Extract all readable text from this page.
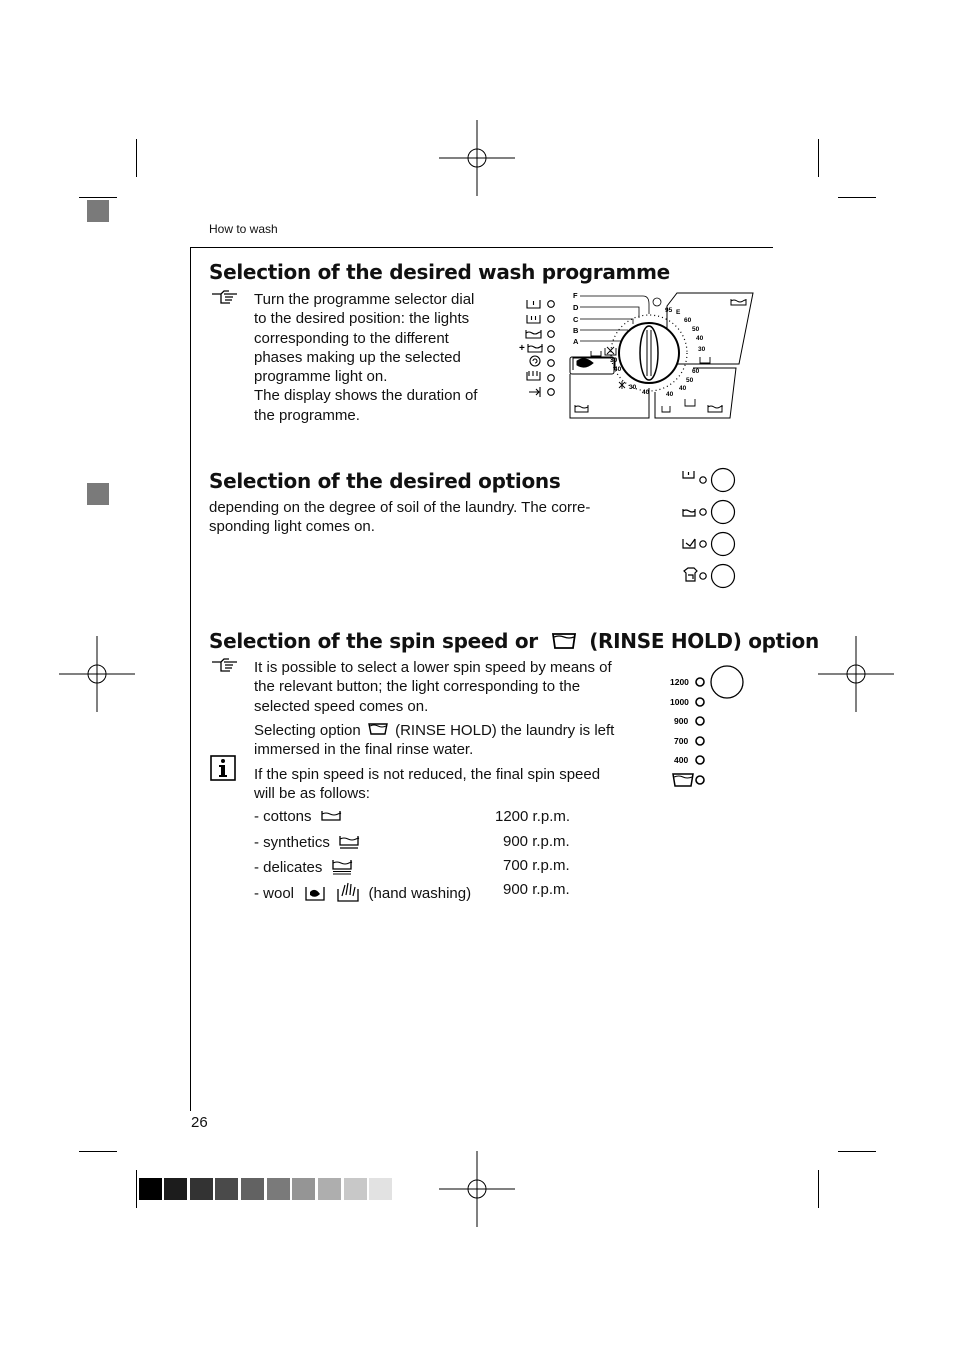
How to wash
Selection of the desired wash programme
Turn the programme selector dial
to the desired position: the lights
corresponding to the different
phases making up the selected
programme light on.
The display shows the duration of
the programme.
+
F
D
C
B
A
95 E
60
50
40
30
60
50
40
40
30
40
30
40
Selection of the desired options
depending on the degree of soil of the laundry. The corre-
sponding light comes on.
Selection of the spin speed or	(RINSE HOLD) option
It is possible to select a lower spin speed by means of
the relevant button; the light corresponding to the
selected speed comes on.
Selecting option (RINSE HOLD) the laundry is left
immersed in the final rinse water.
If the spin speed is not reduced, the final spin speed
will be as follows:
- cottons	1200 r.p.m.
- synthetics	900 r.p.m.
- delicates	700 r.p.m.
- wool	(hand washing) 900 r.p.m.
1200
1000
900
700
400
26
